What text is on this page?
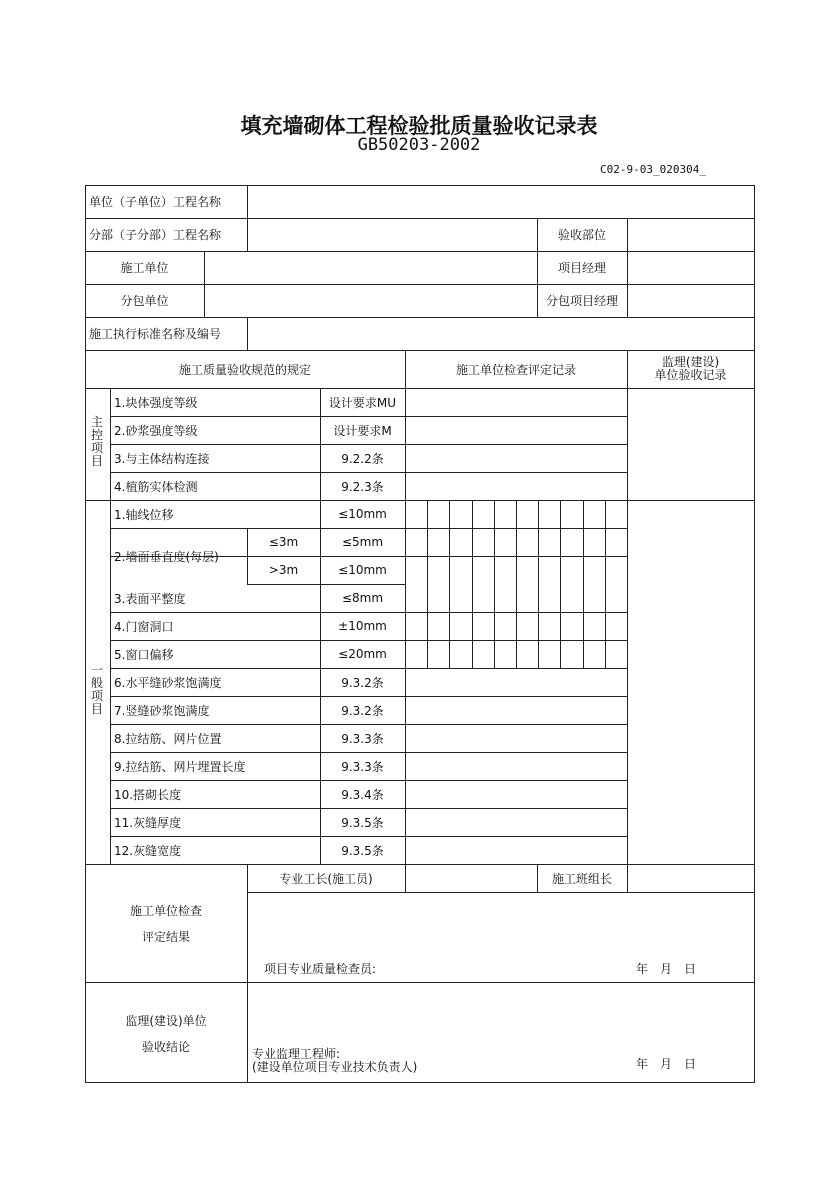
填充墙砌体工程检验批质量验收记录表
GB50203-2002
C02-9-03_020304_
单位（子单位）工程名称
分部（子分部）工程名称	验收部位
施工单位	项目经理
分包单位	分包项目经理
施工执行标准名称及编号
施工质量验收规范的规定	施工单位检查评定记录
监理(建设)
单位验收记录
主
控
项
目
1.块体强度等级	设计要求MU
2.砂浆强度等级	设计要求M
3.与主体结构连接	9.2.2条
4.植筋实体检测	9.2.3条
一
般
项
目
1.轴线位移	≤10mm
2.墙面垂直度(每层)
≤3m	≤5mm
>3m	≤10mm
3.表面平整度	≤8mm
4.门窗洞口	±10mm
5.窗口偏移	≤20mm
6.水平缝砂浆饱满度	9.3.2条
7.竖缝砂浆饱满度	9.3.2条
8.拉结筋、网片位置	9.3.3条
9.拉结筋、网片埋置长度	9.3.3条
10.搭砌长度	9.3.4条
11.灰缝厚度	9.3.5条
12.灰缝宽度	9.3.5条
专业工长(施工员)	施工班组长
施工单位检查
评定结果
项目专业质量检查员:	年　月　日
监理(建设)单位
验收结论
专业监理工程师:
(建设单位项目专业技术负责人)	年　月　日
